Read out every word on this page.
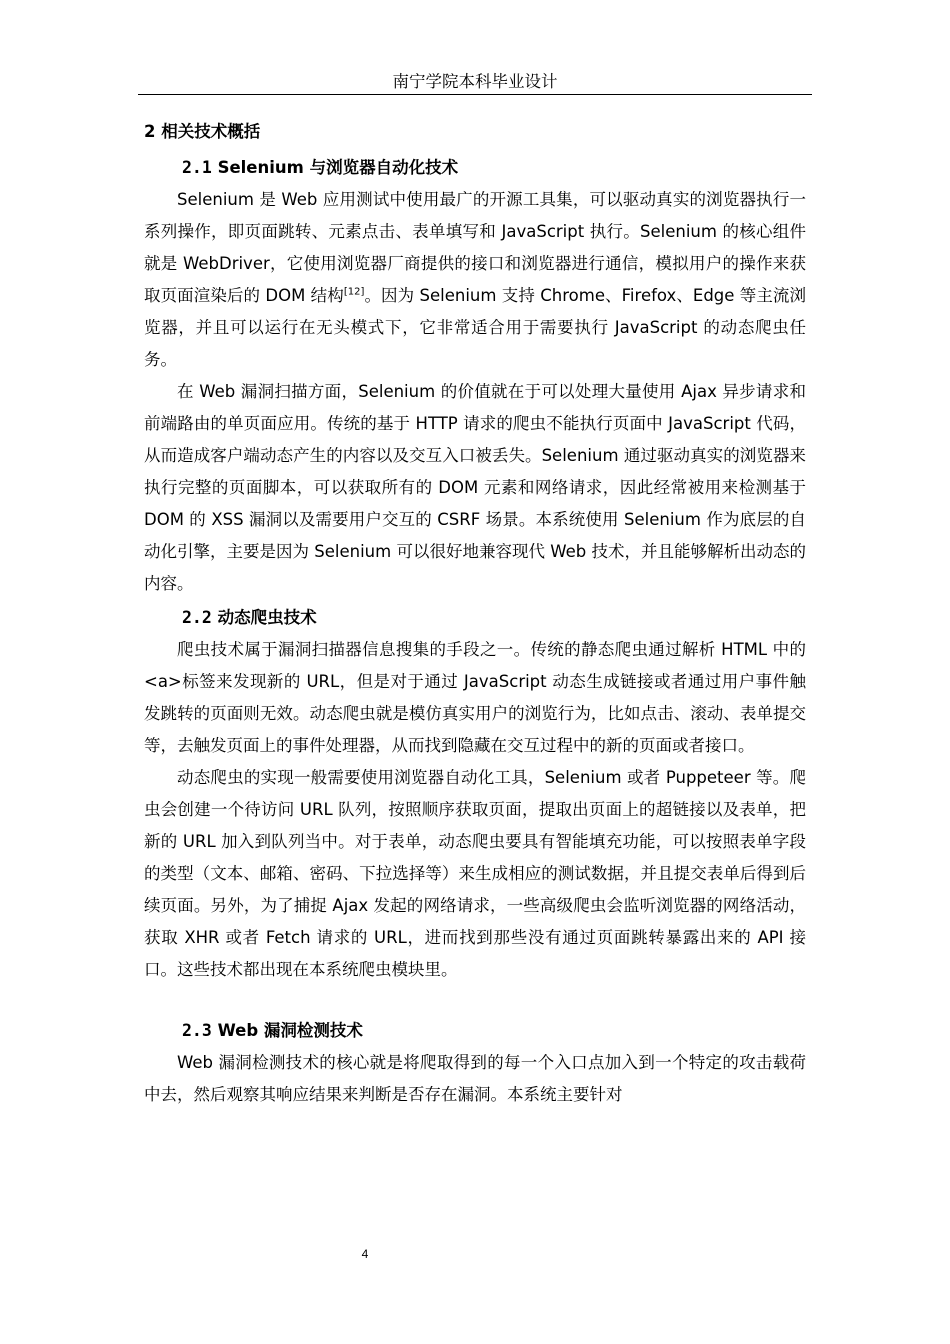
南宁学院本科毕业设计
2 相关技术概括
2.1 Selenium 与浏览器自动化技术

Selenium 是 Web 应用测试中使用最广的开源工具集，可以驱动真实的浏览器执行一系列操作，即页面跳转、元素点击、表单填写和 JavaScript 执行。Selenium 的核心组件就是 WebDriver，它使用浏览器厂商提供的接口和浏览器进行通信，模拟用户的操作来获取页面渲染后的 DOM 结构[12]。因为 Selenium 支持 Chrome、Firefox、Edge 等主流浏览器，并且可以运行在无头模式下，它非常适合用于需要执行 JavaScript 的动态爬虫任务。

在 Web 漏洞扫描方面，Selenium 的价值就在于可以处理大量使用 Ajax 异步请求和前端路由的单页面应用。传统的基于 HTTP 请求的爬虫不能执行页面中 JavaScript 代码，从而造成客户端动态产生的内容以及交互入口被丢失。Selenium 通过驱动真实的浏览器来执行完整的页面脚本，可以获取所有的 DOM 元素和网络请求，因此经常被用来检测基于 DOM 的 XSS 漏洞以及需要用户交互的 CSRF 场景。本系统使用 Selenium 作为底层的自动化引擎，主要是因为 Selenium 可以很好地兼容现代 Web 技术，并且能够解析出动态的内容。

2.2 动态爬虫技术

爬虫技术属于漏洞扫描器信息搜集的手段之一。传统的静态爬虫通过解析 HTML 中的<a>标签来发现新的 URL，但是对于通过 JavaScript 动态生成链接或者通过用户事件触发跳转的页面则无效。动态爬虫就是模仿真实用户的浏览行为，比如点击、滚动、表单提交等，去触发页面上的事件处理器，从而找到隐藏在交互过程中的新的页面或者接口。

动态爬虫的实现一般需要使用浏览器自动化工具，Selenium 或者 Puppeteer 等。爬虫会创建一个待访问 URL 队列，按照顺序获取页面，提取出页面上的超链接以及表单，把新的 URL 加入到队列当中。对于表单，动态爬虫要具有智能填充功能，可以按照表单字段的类型（文本、邮箱、密码、下拉选择等）来生成相应的测试数据，并且提交表单后得到后续页面。另外，为了捕捉 Ajax 发起的网络请求，一些高级爬虫会监听浏览器的网络活动，获取 XHR 或者 Fetch 请求的 URL，进而找到那些没有通过页面跳转暴露出来的 API 接口。这些技术都出现在本系统爬虫模块里。

2.3 Web 漏洞检测技术

Web 漏洞检测技术的核心就是将爬取得到的每一个入口点加入到一个特定的攻击载荷中去，然后观察其响应结果来判断是否存在漏洞。本系统主要针对

4
